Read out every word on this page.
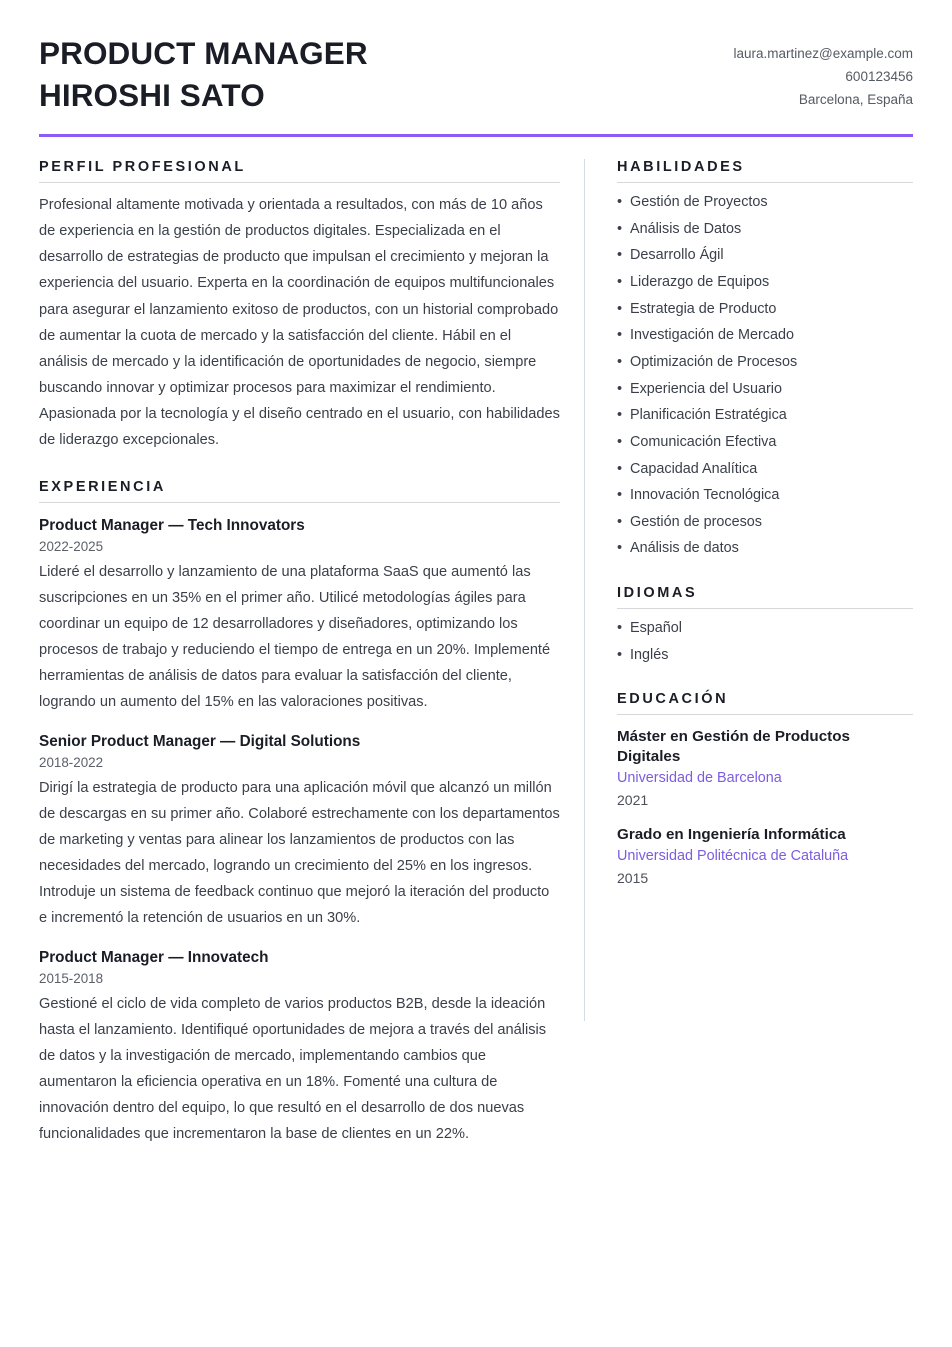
PRODUCT MANAGER
HIROSHI SATO
laura.martinez@example.com
600123456
Barcelona, España
PERFIL PROFESIONAL

Profesional altamente motivada y orientada a resultados, con más de 10 años de experiencia en la gestión de productos digitales. Especializada en el desarrollo de estrategias de producto que impulsan el crecimiento y mejoran la experiencia del usuario. Experta en la coordinación de equipos multifuncionales para asegurar el lanzamiento exitoso de productos, con un historial comprobado de aumentar la cuota de mercado y la satisfacción del cliente. Hábil en el análisis de mercado y la identificación de oportunidades de negocio, siempre buscando innovar y optimizar procesos para maximizar el rendimiento. Apasionada por la tecnología y el diseño centrado en el usuario, con habilidades de liderazgo excepcionales.

EXPERIENCIA

Product Manager — Tech Innovators

2022-2025

Lideré el desarrollo y lanzamiento de una plataforma SaaS que aumentó las suscripciones en un 35% en el primer año. Utilicé metodologías ágiles para coordinar un equipo de 12 desarrolladores y diseñadores, optimizando los procesos de trabajo y reduciendo el tiempo de entrega en un 20%. Implementé herramientas de análisis de datos para evaluar la satisfacción del cliente, logrando un aumento del 15% en las valoraciones positivas.

Senior Product Manager — Digital Solutions

2018-2022

Dirigí la estrategia de producto para una aplicación móvil que alcanzó un millón de descargas en su primer año. Colaboré estrechamente con los departamentos de marketing y ventas para alinear los lanzamientos de productos con las necesidades del mercado, logrando un crecimiento del 25% en los ingresos. Introduje un sistema de feedback continuo que mejoró la iteración del producto e incrementó la retención de usuarios en un 30%.

Product Manager — Innovatech

2015-2018

Gestioné el ciclo de vida completo de varios productos B2B, desde la ideación hasta el lanzamiento. Identifiqué oportunidades de mejora a través del análisis de datos y la investigación de mercado, implementando cambios que aumentaron la eficiencia operativa en un 18%. Fomenté una cultura de innovación dentro del equipo, lo que resultó en el desarrollo de dos nuevas funcionalidades que incrementaron la base de clientes en un 22%.

HABILIDADES
• Gestión de Proyectos
• Análisis de Datos
• Desarrollo Ágil
• Liderazgo de Equipos
• Estrategia de Producto
• Investigación de Mercado
• Optimización de Procesos
• Experiencia del Usuario
• Planificación Estratégica
• Comunicación Efectiva
• Capacidad Analítica
• Innovación Tecnológica
• Gestión de procesos
• Análisis de datos
IDIOMAS
• Español
• Inglés
EDUCACIÓN

Máster en Gestión de Productos Digitales

Universidad de Barcelona

2021

Grado en Ingeniería Informática

Universidad Politécnica de Cataluña

2015
